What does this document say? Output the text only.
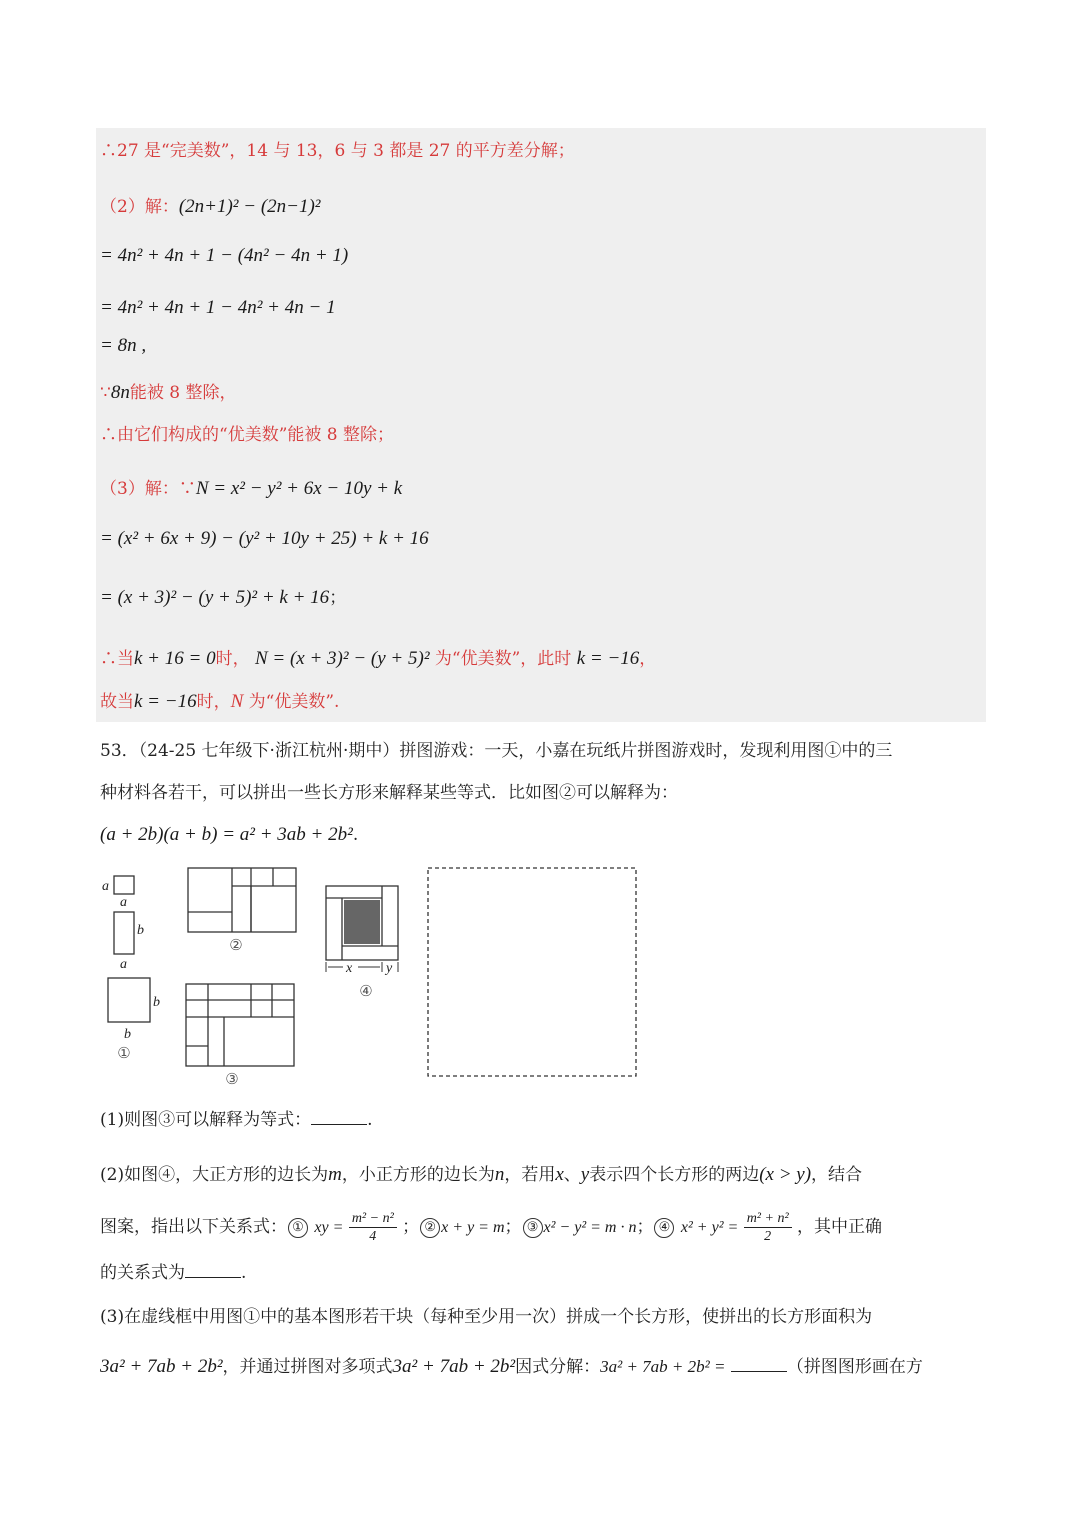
∴27 是“完美数”，14 与 13，6 与 3 都是 27 的平方差分解；
（2）解：(2n+1)² − (2n−1)²
= 4n² + 4n + 1 − (4n² − 4n + 1)
= 4n² + 4n + 1 − 4n² + 4n − 1
= 8n ,
∵8n能被 8 整除，
∴由它们构成的“优美数”能被 8 整除；
（3）解：∵N = x² − y² + 6x − 10y + k
= (x² + 6x + 9) − (y² + 10y + 25) + k + 16
= (x + 3)² − (y + 5)² + k + 16；
∴当k + 16 = 0时， N = (x + 3)² − (y + 5)² 为“优美数”，此时 k = −16，
故当k = −16时，N 为“优美数”.
53．（24-25 七年级下·浙江杭州·期中）拼图游戏：一天，小嘉在玩纸片拼图游戏时，发现利用图①中的三
种材料各若干，可以拼出一些长方形来解释某些等式．比如图②可以解释为：
(a + 2b)(a + b) = a² + 3ab + 2b².
a
a
b
a
b
b
x y
①
②
③
④
(1)则图③可以解释为等式：	.
(2)如图④，大正方形的边长为m，小正方形的边长为n，若用x、y表示四个长方形的两边(x > y)，结合
图案，指出以下关系式： ① xy = $\frac{\text{m² − n²}}{4}$ ； ② x + y = m； ③ x² − y² = m · n； ④ $x^2 + y^2 = \frac{\text{m² + n²}}{2}$ ，其中正确
的关系式为	.
(3)在虚线框中用图①中的基本图形若干块（每种至少用一次）拼成一个长方形，使拼出的长方形面积为
3a² + 7ab + 2b²，并通过拼图对多项式3a² + 7ab + 2b²因式分解：3a² + 7ab + 2b² =	（拼图图形画在方
